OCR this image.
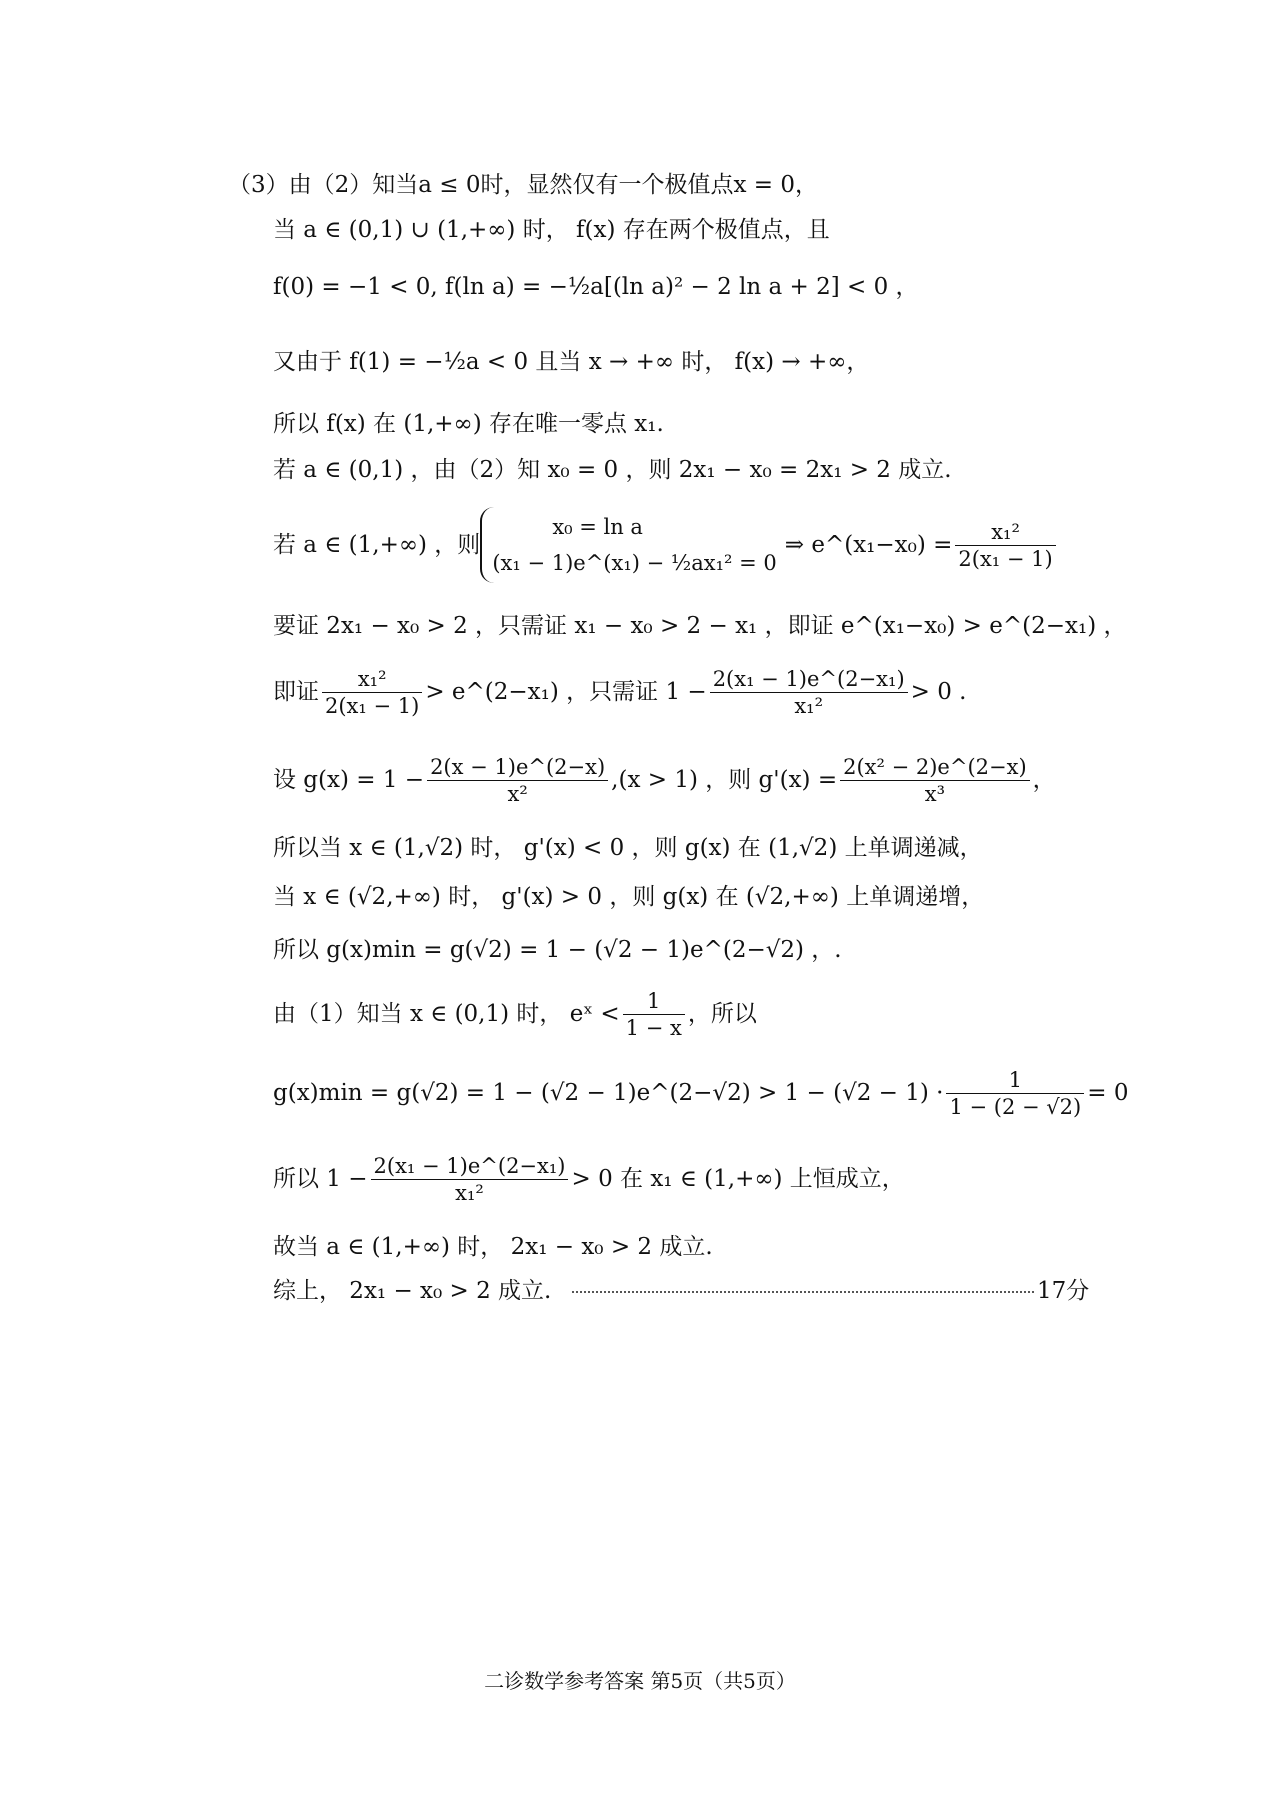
（3）由（2）知当a ≤ 0时，显然仅有一个极值点x = 0，
当 a ∈ (0,1) ∪ (1,+∞) 时， f(x) 存在两个极值点，且
f(0) = −1 < 0, f(ln a) = −½a[(ln a)² − 2 ln a + 2] < 0 ，
又由于 f(1) = −½a < 0 且当 x → +∞ 时， f(x) → +∞，
所以 f(x) 在 (1,+∞) 存在唯一零点 x₁.
若 a ∈ (0,1) ，由（2）知 x₀ = 0 ，则 2x₁ − x₀ = 2x₁ > 2 成立.
若 a ∈ (1,+∞) ，则
x₀ = ln a
(x₁ − 1)e^(x₁) − ½ax₁² = 0
⇒ e^(x₁−x₀) = $\frac{\text{x₁²}}{\text{2(x₁ − 1)}}$
要证 2x₁ − x₀ > 2 ，只需证 x₁ − x₀ > 2 − x₁ ，即证 e^(x₁−x₀) > e^(2−x₁) ，
即证 $\frac{\text{x₁²}}{\text{2(x₁ − 1)}}$ > e^(2−x₁) ，只需证 $1 - \frac{\text{2(x₁ − 1)e\textasciicircum{}(2−x₁)}}{\text{x₁²}} > 0$ .
设 $g(x) = 1 - \frac{2(x - 1)e\^{}(2-x)}{\text{x²}} ,(x > 1)$ ，则 $g'(x) = \frac{\text{2(x² − 2)e\textasciicircum{}(2−x)}}{\text{x³}}$ ，
所以当 x ∈ (1,√2) 时， g'(x) < 0 ，则 g(x) 在 (1,√2) 上单调递减，
当 x ∈ (√2,+∞) 时， g'(x) > 0 ，则 g(x) 在 (√2,+∞) 上单调递增，
所以 g(x)min = g(√2) = 1 − (√2 − 1)e^(2−√2) ，.
由（1）知当 x ∈ (0,1) 时， eˣ < $\frac{1}{1 - x}$ ，所以
g(x)min = g(√2) = 1 − (√2 − 1)e^(2−√2) > $1 - (√2 - 1) \cdot \frac{1}{1 - (2 - √2)} = 0$
所以 $1 - \frac{\text{2(x₁ − 1)e\textasciicircum{}(2−x₁)}}{\text{x₁²}} > 0$ 在 x₁ ∈ (1,+∞) 上恒成立，
故当 a ∈ (1,+∞) 时， 2x₁ − x₀ > 2 成立.
综上， 2x₁ − x₀ > 2 成立.	17分
二诊数学参考答案 第5页（共5页）
